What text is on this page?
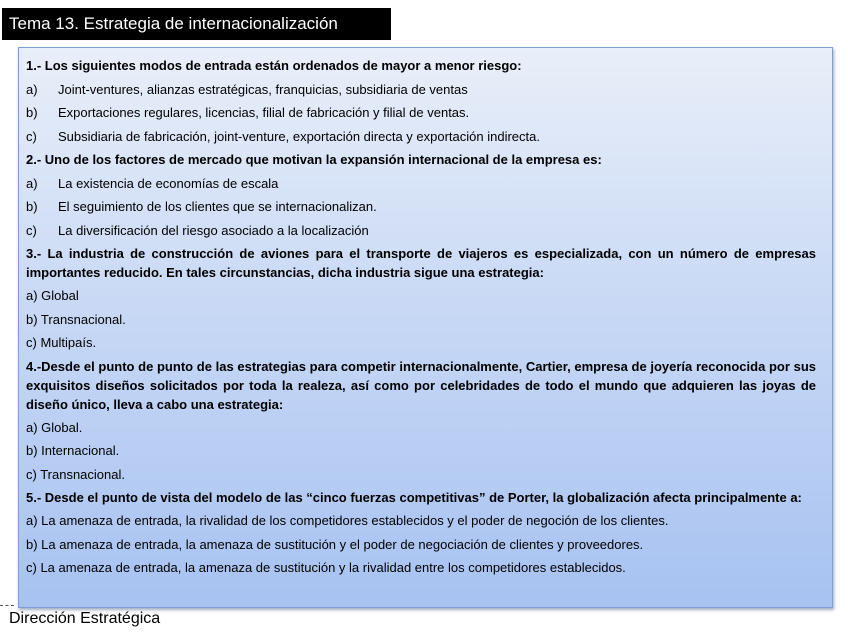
Tema 13. Estrategia de internacionalización

1.- Los siguientes modos de entrada están ordenados de mayor a menor riesgo:

a)	Joint-ventures, alianzas estratégicas, franquicias, subsidiaria de ventas
b)	Exportaciones regulares, licencias, filial de fabricación y filial de ventas.
c)	Subsidiaria de fabricación, joint-venture, exportación directa y exportación indirecta.

2.- Uno de los factores de mercado que motivan la expansión internacional de la empresa es:

a)	La existencia de economías de escala
b)	El seguimiento de los clientes que se internacionalizan.
c)	La diversificación del riesgo asociado a la localización

3.- La industria de construcción de aviones para el transporte de viajeros es especializada, con un número de empresas importantes reducido. En tales circunstancias, dicha industria sigue una estrategia:

a) Global

b) Transnacional.

c) Multipaís.

4.-Desde el punto de punto de las estrategias para competir internacionalmente, Cartier, empresa de joyería reconocida por sus exquisitos diseños solicitados por toda la realeza, así como por celebridades de todo el mundo que adquieren las joyas de diseño único, lleva a cabo una estrategia:

a) Global.

b) Internacional.

c) Transnacional.

5.- Desde el punto de vista del modelo de las “cinco fuerzas competitivas” de Porter, la globalización afecta principalmente a:

a) La amenaza de entrada, la rivalidad de los competidores establecidos y el poder de negoción de los clientes.

b) La amenaza de entrada, la amenaza de sustitución y el poder de negociación de clientes y proveedores.

c) La amenaza de entrada, la amenaza de sustitución y la rivalidad entre los competidores establecidos.

Dirección Estratégica
